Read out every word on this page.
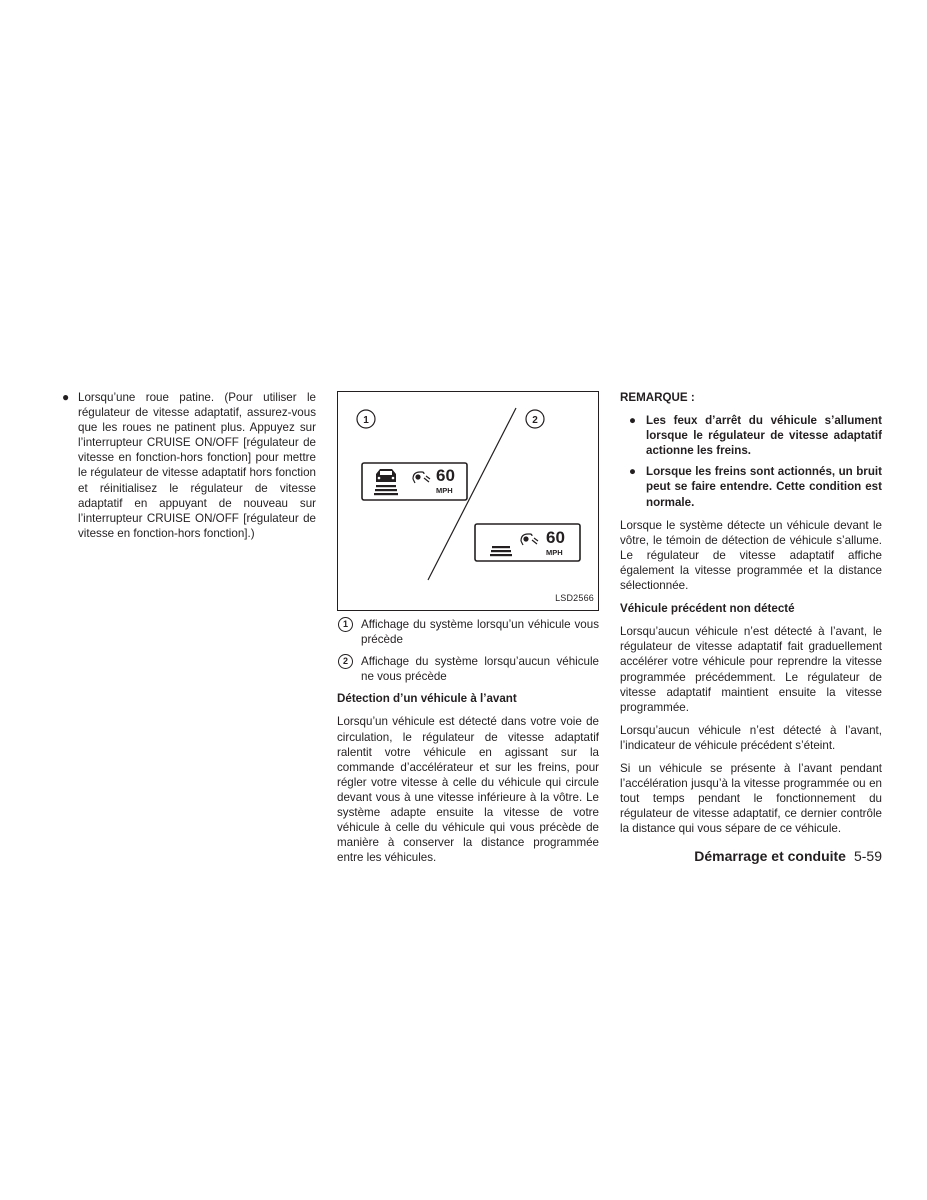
● Lorsqu’une roue patine. (Pour utiliser le régulateur de vitesse adaptatif, assurez-vous que les roues ne patinent plus. Appuyez sur l’interrupteur CRUISE ON/OFF [régulateur de vitesse en fonction-hors fonction] pour mettre le régulateur de vitesse adaptatif hors fonction et réinitialisez le régulateur de vitesse adaptatif en appuyant de nouveau sur l’interrupteur CRUISE ON/OFF [régulateur de vitesse en fonction-hors fonction].)
1	2
60
MPH
60
MPH
LSD2566
1	Affichage du système lorsqu’un véhicule vous précède
2	Affichage du système lorsqu’aucun véhicule ne vous précède
Détection d’un véhicule à l’avant

Lorsqu’un véhicule est détecté dans votre voie de circulation, le régulateur de vitesse adaptatif ralentit votre véhicule en agissant sur la commande d’accélérateur et sur les freins, pour régler votre vitesse à celle du véhicule qui circule devant vous à une vitesse inférieure à la vôtre. Le système adapte ensuite la vitesse de votre véhicule à celle du véhicule qui vous précède de manière à conserver la distance programmée entre les véhicules.

REMARQUE :
● Les feux d’arrêt du véhicule s’allument lorsque le régulateur de vitesse adaptatif actionne les freins.
● Lorsque les freins sont actionnés, un bruit peut se faire entendre. Cette condition est normale.

Lorsque le système détecte un véhicule devant le vôtre, le témoin de détection de véhicule s’allume. Le régulateur de vitesse adaptatif affiche également la vitesse programmée et la distance sélectionnée.

Véhicule précédent non détecté

Lorsqu’aucun véhicule n’est détecté à l’avant, le régulateur de vitesse adaptatif fait graduellement accélérer votre véhicule pour reprendre la vitesse programmée précédemment. Le régulateur de vitesse adaptatif maintient ensuite la vitesse programmée.

Lorsqu’aucun véhicule n’est détecté à l’avant, l’indicateur de véhicule précédent s’éteint.

Si un véhicule se présente à l’avant pendant l’accélération jusqu’à la vitesse programmée ou en tout temps pendant le fonctionnement du régulateur de vitesse adaptatif, ce dernier contrôle la distance qui vous sépare de ce véhicule.

Démarrage et conduite 5-59
